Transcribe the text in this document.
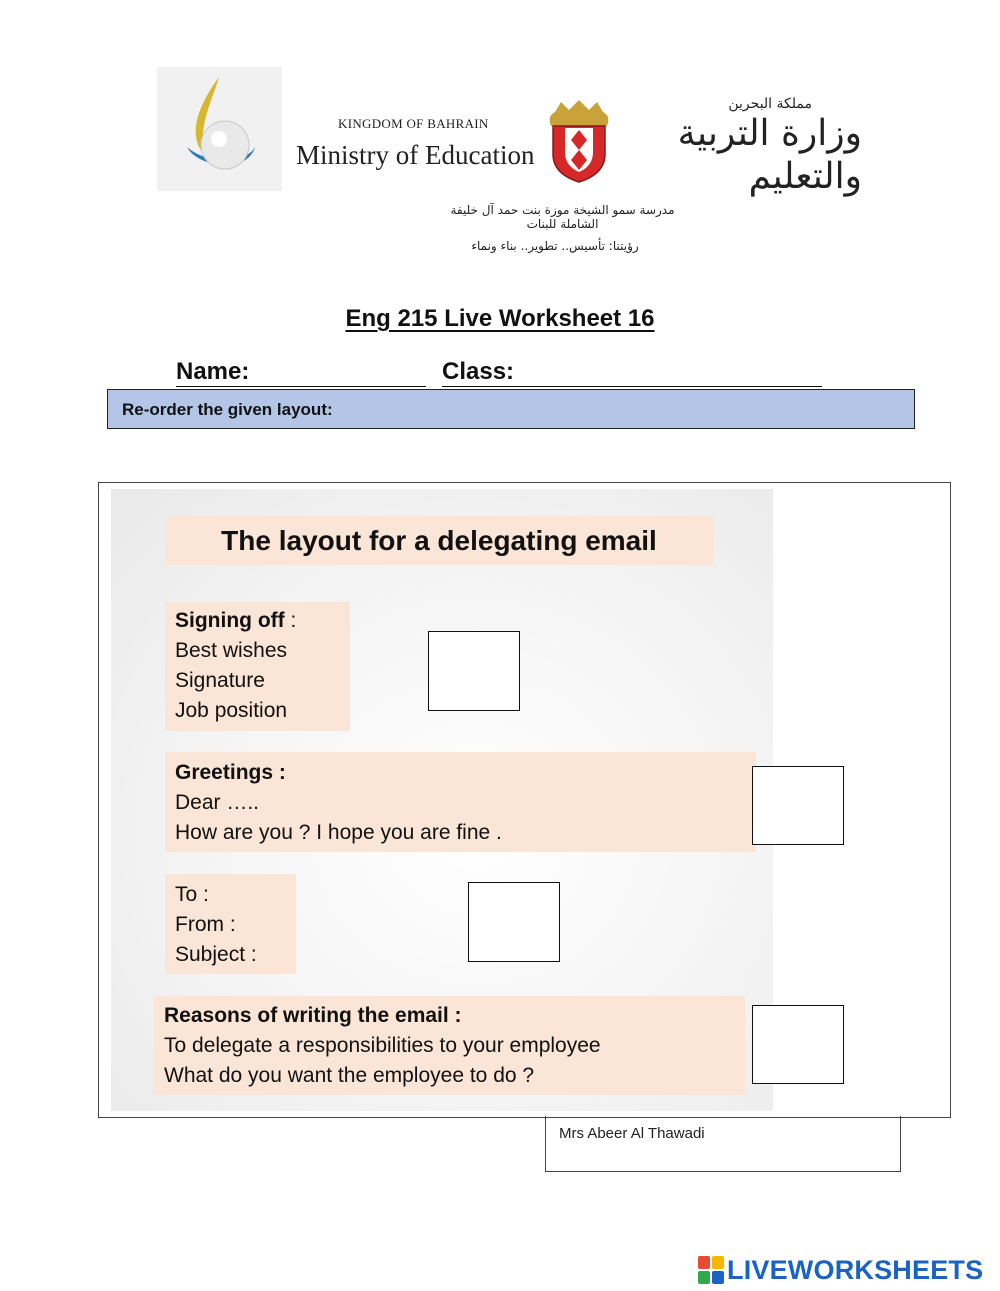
KINGDOM OF BAHRAIN
Ministry of Education
مملكة البحرين
وزارة التربية والتعليم
مدرسة سمو الشيخة موزة بنت حمد آل خليفة الشاملة للبنات
رؤيتنا: تأسيس.. تطوير.. بناء ونماء
Eng 215 Live Worksheet 16
Name:	Class:
Re-order the given layout:
The layout for a delegating email
Signing off :
Best wishes
Signature
Job position
Greetings :
Dear …..
How are you ? I hope you are fine .
To :
From :
Subject :
Reasons of writing the email :
To delegate a responsibilities to your employee
What do you want the employee to do ?
Mrs Abeer Al Thawadi
LIVEWORKSHEETS
